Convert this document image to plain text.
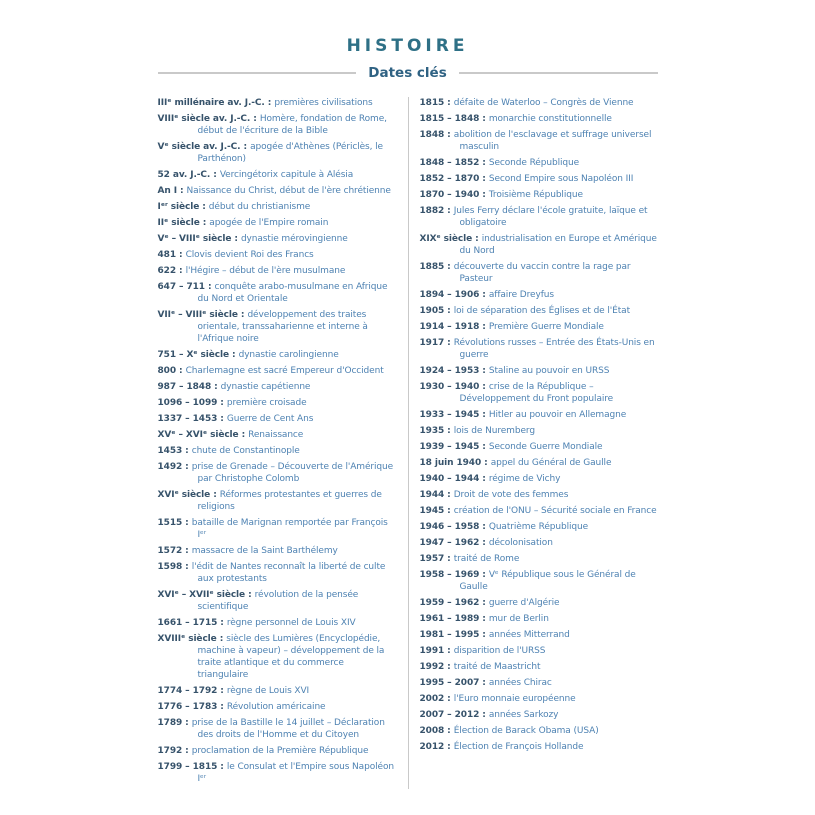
HISTOIRE
Dates clés
IIIᵉ millénaire av. J.-C. : premières civilisations
VIIIᵉ siècle av. J.-C. : Homère, fondation de Rome, début de l'écriture de la Bible
Vᵉ siècle av. J.-C. : apogée d'Athènes (Périclès, le Parthénon)
52 av. J.-C. : Vercingétorix capitule à Alésia
An I : Naissance du Christ, début de l'ère chrétienne
Iᵉʳ siècle : début du christianisme
IIᵉ siècle : apogée de l'Empire romain
Vᵉ – VIIIᵉ siècle : dynastie mérovingienne
481 : Clovis devient Roi des Francs
622 : l'Hégire – début de l'ère musulmane
647 – 711 : conquête arabo-musulmane en Afrique du Nord et Orientale
VIIᵉ – VIIIᵉ siècle : développement des traites orientale, transsaharienne et interne à l'Afrique noire
751 – Xᵉ siècle : dynastie carolingienne
800 : Charlemagne est sacré Empereur d'Occident
987 – 1848 : dynastie capétienne
1096 – 1099 : première croisade
1337 – 1453 : Guerre de Cent Ans
XVᵉ – XVIᵉ siècle : Renaissance
1453 : chute de Constantinople
1492 : prise de Grenade – Découverte de l'Amérique par Christophe Colomb
XVIᵉ siècle : Réformes protestantes et guerres de religions
1515 : bataille de Marignan remportée par François Iᵉʳ
1572 : massacre de la Saint Barthélemy
1598 : l'édit de Nantes reconnaît la liberté de culte aux protestants
XVIᵉ – XVIIᵉ siècle : révolution de la pensée scientifique
1661 – 1715 : règne personnel de Louis XIV
XVIIIᵉ siècle : siècle des Lumières (Encyclopédie, machine à vapeur) – développement de la traite atlantique et du commerce triangulaire
1774 – 1792 : règne de Louis XVI
1776 – 1783 : Révolution américaine
1789 : prise de la Bastille le 14 juillet – Déclaration des droits de l'Homme et du Citoyen
1792 : proclamation de la Première République
1799 – 1815 : le Consulat et l'Empire sous Napoléon Iᵉʳ
1815 : défaite de Waterloo – Congrès de Vienne
1815 – 1848 : monarchie constitutionnelle
1848 : abolition de l'esclavage et suffrage universel masculin
1848 – 1852 : Seconde République
1852 – 1870 : Second Empire sous Napoléon III
1870 – 1940 : Troisième République
1882 : Jules Ferry déclare l'école gratuite, laïque et obligatoire
XIXᵉ siècle : industrialisation en Europe et Amérique du Nord
1885 : découverte du vaccin contre la rage par Pasteur
1894 – 1906 : affaire Dreyfus
1905 : loi de séparation des Églises et de l'État
1914 – 1918 : Première Guerre Mondiale
1917 : Révolutions russes – Entrée des États-Unis en guerre
1924 – 1953 : Staline au pouvoir en URSS
1930 – 1940 : crise de la République – Développement du Front populaire
1933 – 1945 : Hitler au pouvoir en Allemagne
1935 : lois de Nuremberg
1939 – 1945 : Seconde Guerre Mondiale
18 juin 1940 : appel du Général de Gaulle
1940 – 1944 : régime de Vichy
1944 : Droit de vote des femmes
1945 : création de l'ONU – Sécurité sociale en France
1946 – 1958 : Quatrième République
1947 – 1962 : décolonisation
1957 : traité de Rome
1958 – 1969 : Vᵉ République sous le Général de Gaulle
1959 – 1962 : guerre d'Algérie
1961 – 1989 : mur de Berlin
1981 – 1995 : années Mitterrand
1991 : disparition de l'URSS
1992 : traité de Maastricht
1995 – 2007 : années Chirac
2002 : l'Euro monnaie européenne
2007 – 2012 : années Sarkozy
2008 : Élection de Barack Obama (USA)
2012 : Élection de François Hollande
